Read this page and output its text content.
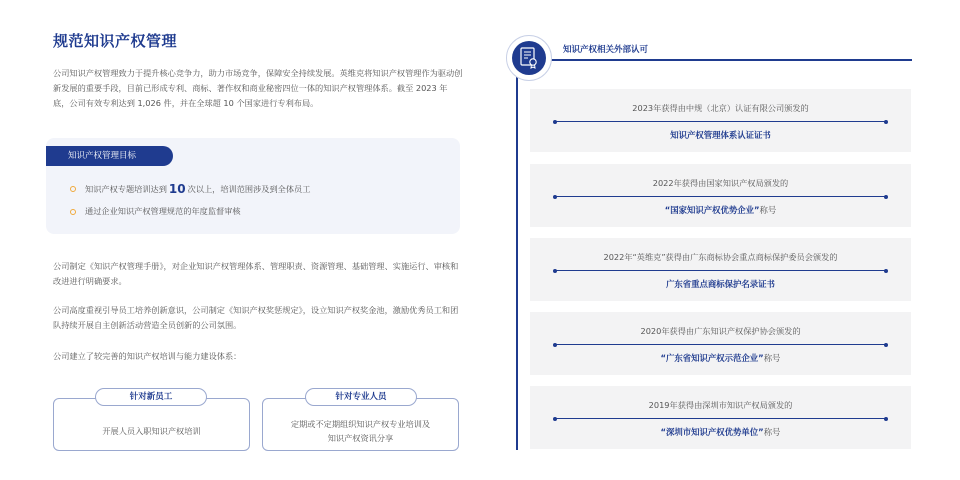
规范知识产权管理
公司知识产权管理致力于提升核心竞争力，助力市场竞争，保障安全持续发展。英维克将知识产权管理作为驱动创新发展的重要手段，目前已形成专利、商标、著作权和商业秘密四位一体的知识产权管理体系。截至 2023 年底，公司有效专利达到 1,026 件，并在全球超 10 个国家进行专利布局。
知识产权管理目标
知识产权专题培训达到 10 次以上，培训范围涉及到全体员工
通过企业知识产权管理规范的年度监督审核
公司制定《知识产权管理手册》，对企业知识产权管理体系、管理职责、资源管理、基础管理、实施运行、审核和改进进行明确要求。
公司高度重视引导员工培养创新意识，公司制定《知识产权奖惩规定》，设立知识产权奖金池，激励优秀员工和团队持续开展自主创新活动营造全员创新的公司氛围。
公司建立了较完善的知识产权培训与能力建设体系：
针对新员工
开展人员入职知识产权培训
针对专业人员
定期或不定期组织知识产权专业培训及
知识产权资讯分享
知识产权相关外部认可
2023年获得由中规（北京）认证有限公司颁发的
知识产权管理体系认证证书
2022年获得由国家知识产权局颁发的
“国家知识产权优势企业”称号
2022年“英维克”获得由广东商标协会重点商标保护委员会颁发的
广东省重点商标保护名录证书
2020年获得由广东知识产权保护协会颁发的
“广东省知识产权示范企业”称号
2019年获得由深圳市知识产权局颁发的
“深圳市知识产权优势单位”称号
